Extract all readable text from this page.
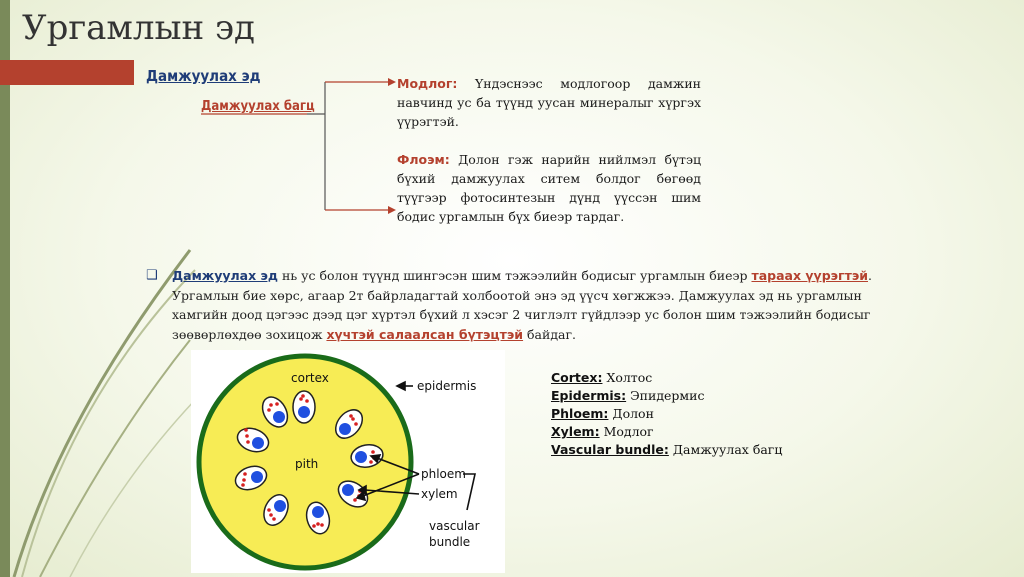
Ургамлын эд
Дамжуулах эд
Дамжуулах багц
Модлог: Үндэснээс модлогоор дамжин навчинд ус ба түүнд уусан минералыг хүргэх үүрэгтэй.
Флоэм: Долон гэж нарийн нийлмэл бүтэц бүхий дамжуулах ситем болдог бөгөөд түүгээр фотосинтезын дүнд үүссэн шим бодис ургамлын бүх биеэр тардаг.
❑ Дамжуулах эд нь ус болон түүнд шингэсэн шим тэжээлийн бодисыг ургамлын биеэр тараах үүрэгтэй. Ургамлын бие хөрс, агаар 2т байрладагтай холбоотой энэ эд үүсч хөгжжээ. Дамжуулах эд нь ургамлын хамгийн доод цэгээс дээд цэг хүртэл бүхий л хэсэг 2 чиглэлт гүйдлээр ус болон шим тэжээлийн бодисыг зөөвөрлөхдөө зохицож хүчтэй салаалсан бүтэцтэй байдаг.
cortex
pith
epidermis
phloem
xylem
vascular
bundle
Cortex: Холтос
Epidermis: Эпидермис
Phloem: Долон
Xylem: Модлог
Vascular bundle: Дамжуулах багц
